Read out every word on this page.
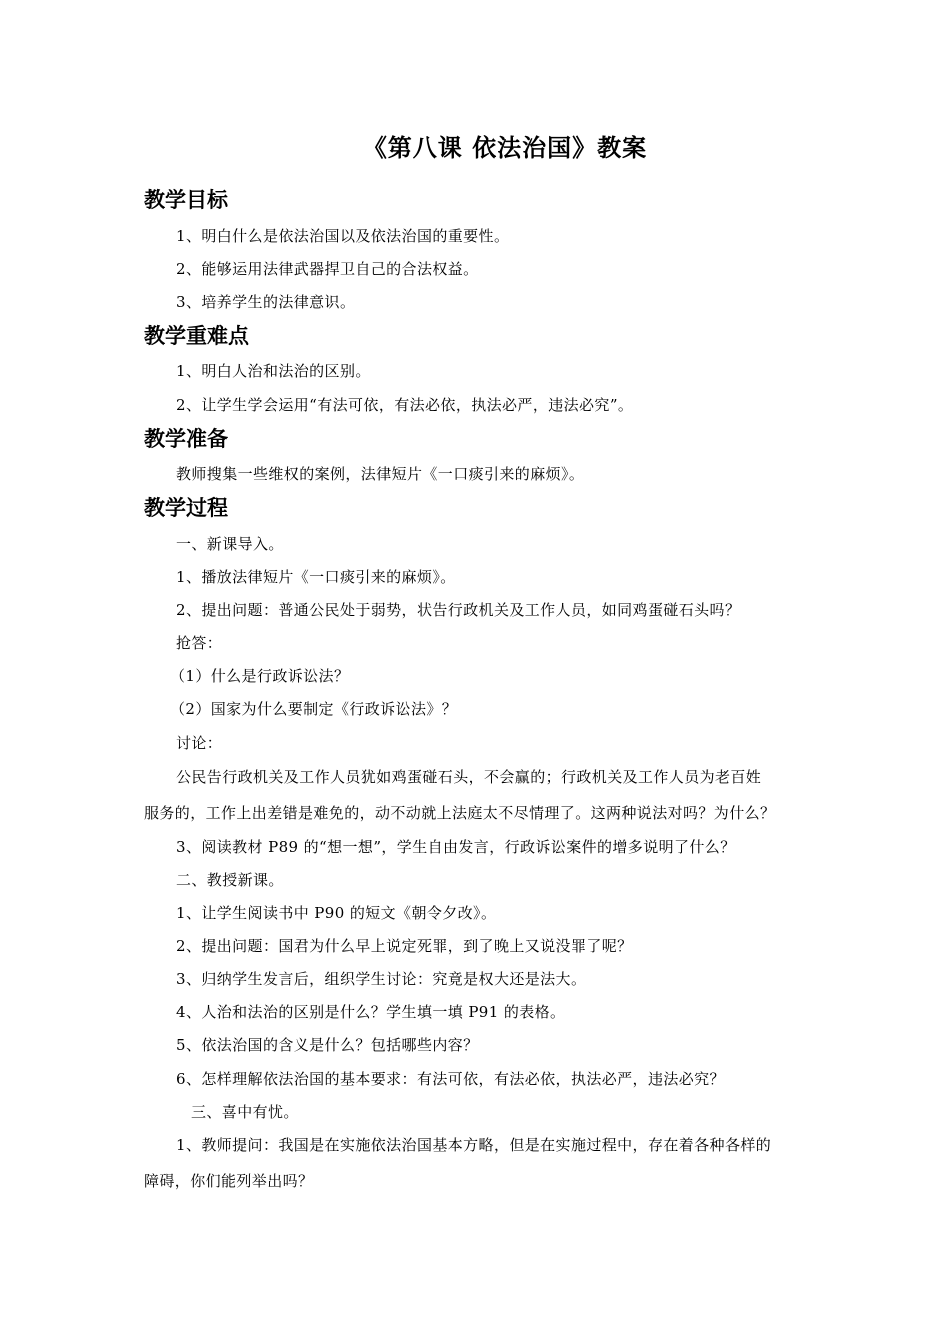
《第八课 依法治国》教案
教学目标
1、明白什么是依法治国以及依法治国的重要性。
2、能够运用法律武器捍卫自己的合法权益。
3、培养学生的法律意识。
教学重难点
1、明白人治和法治的区别。
2、让学生学会运用“有法可依，有法必依，执法必严，违法必究”。
教学准备
教师搜集一些维权的案例，法律短片《一口痰引来的麻烦》。
教学过程
一、新课导入。
1、播放法律短片《一口痰引来的麻烦》。
2、提出问题：普通公民处于弱势，状告行政机关及工作人员，如同鸡蛋碰石头吗？
抢答：
（1）什么是行政诉讼法？
（2）国家为什么要制定《行政诉讼法》？
讨论：
公民告行政机关及工作人员犹如鸡蛋碰石头，不会赢的；行政机关及工作人员为老百姓
服务的，工作上出差错是难免的，动不动就上法庭太不尽情理了。这两种说法对吗？为什么？
3、阅读教材 P89 的“想一想”，学生自由发言，行政诉讼案件的增多说明了什么？
二、教授新课。
1、让学生阅读书中 P90 的短文《朝令夕改》。
2、提出问题：国君为什么早上说定死罪，到了晚上又说没罪了呢？
3、归纳学生发言后，组织学生讨论：究竟是权大还是法大。
4、人治和法治的区别是什么？学生填一填 P91 的表格。
5、依法治国的含义是什么？包括哪些内容？
6、怎样理解依法治国的基本要求：有法可依，有法必依，执法必严，违法必究？
三、喜中有忧。
1、教师提问：我国是在实施依法治国基本方略，但是在实施过程中，存在着各种各样的
障碍，你们能列举出吗？
